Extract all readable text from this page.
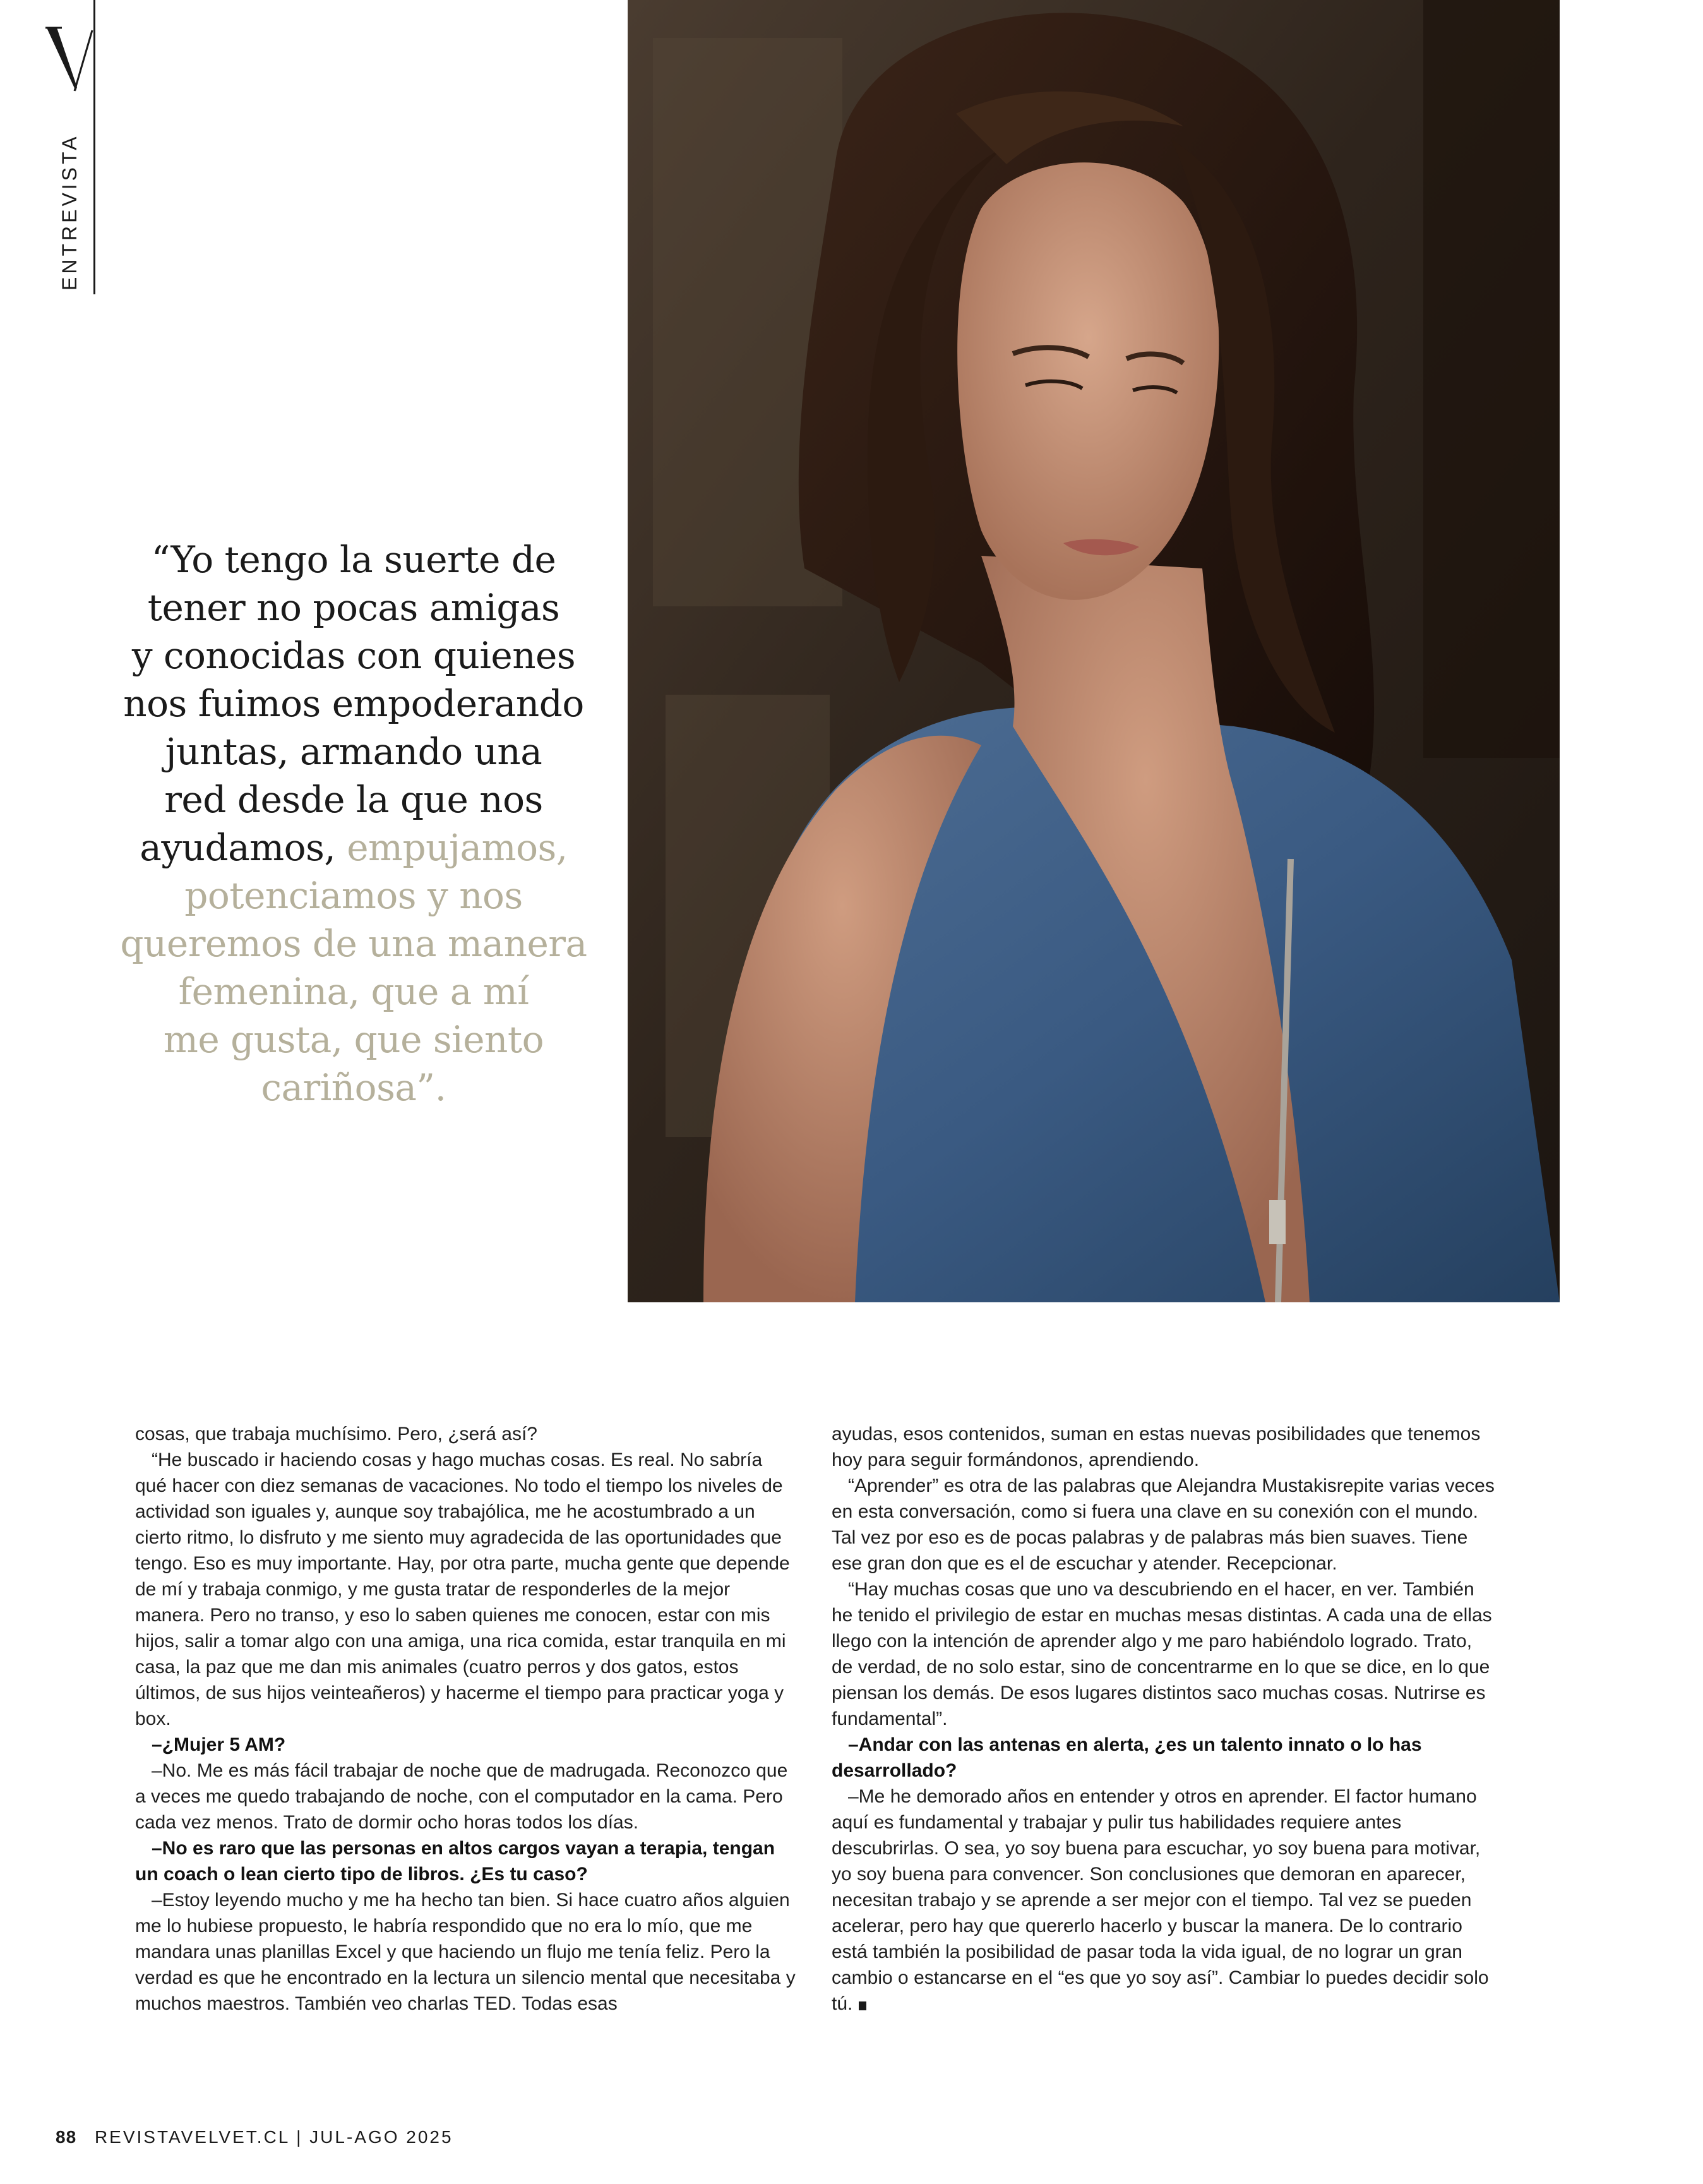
ENTREVISTA
“Yo tengo la suerte de
tener no pocas amigas
y conocidas con quienes
nos fuimos empoderando
juntas, armando una
red desde la que nos
ayudamos, empujamos,
potenciamos y nos
queremos de una manera
femenina, que a mí
me gusta, que siento
cariñosa”.
cosas, que trabaja muchísimo. Pero, ¿será así?
“He buscado ir haciendo cosas y hago muchas cosas. Es real. No sabría qué hacer con diez semanas de vacaciones. No todo el tiempo los niveles de actividad son iguales y, aunque soy trabajólica, me he acostumbrado a un cierto ritmo, lo disfruto y me siento muy agradecida de las oportunidades que tengo. Eso es muy importante. Hay, por otra parte, mucha gente que depende de mí y trabaja conmigo, y me gusta tratar de responderles de la mejor manera. Pero no transo, y eso lo saben quienes me conocen, estar con mis hijos, salir a tomar algo con una amiga, una rica comida, estar tranquila en mi casa, la paz que me dan mis animales (cuatro perros y dos gatos, estos últimos, de sus hijos veinteañeros) y hacerme el tiempo para practicar yoga y box.
–¿Mujer 5 AM?
–No. Me es más fácil trabajar de noche que de madrugada. Reconozco que a veces me quedo trabajando de noche, con el computador en la cama. Pero cada vez menos. Trato de dormir ocho horas todos los días.
–No es raro que las personas en altos cargos vayan a terapia, tengan un coach o lean cierto tipo de libros. ¿Es tu caso?
–Estoy leyendo mucho y me ha hecho tan bien. Si hace cuatro años alguien me lo hubiese propuesto, le habría respondido que no era lo mío, que me mandara unas planillas Excel y que haciendo un flujo me tenía feliz. Pero la verdad es que he encontrado en la lectura un silencio mental que necesitaba y muchos maestros. También veo charlas TED. Todas esas
ayudas, esos contenidos, suman en estas nuevas posibilidades que tenemos hoy para seguir formándonos, aprendiendo.
“Aprender” es otra de las palabras que Alejandra Mustakisrepite varias veces en esta conversación, como si fuera una clave en su conexión con el mundo. Tal vez por eso es de pocas palabras y de palabras más bien suaves. Tiene ese gran don que es el de escuchar y atender. Recepcionar.
“Hay muchas cosas que uno va descubriendo en el hacer, en ver. También he tenido el privilegio de estar en muchas mesas distintas. A cada una de ellas llego con la intención de aprender algo y me paro habiéndolo logrado. Trato, de verdad, de no solo estar, sino de concentrarme en lo que se dice, en lo que piensan los demás. De esos lugares distintos saco muchas cosas. Nutrirse es fundamental”.
–Andar con las antenas en alerta, ¿es un talento innato o lo has desarrollado?
–Me he demorado años en entender y otros en aprender. El factor humano aquí es fundamental y trabajar y pulir tus habilidades requiere antes descubrirlas. O sea, yo soy buena para escuchar, yo soy buena para motivar, yo soy buena para convencer. Son conclusiones que demoran en aparecer, necesitan trabajo y se aprende a ser mejor con el tiempo. Tal vez se pueden acelerar, pero hay que quererlo hacerlo y buscar la manera. De lo contrario está también la posibilidad de pasar toda la vida igual, de no lograr un gran cambio o estancarse en el “es que yo soy así”. Cambiar lo puedes decidir solo tú.
88 REVISTAVELVET.CL | JUL-AGO 2025
